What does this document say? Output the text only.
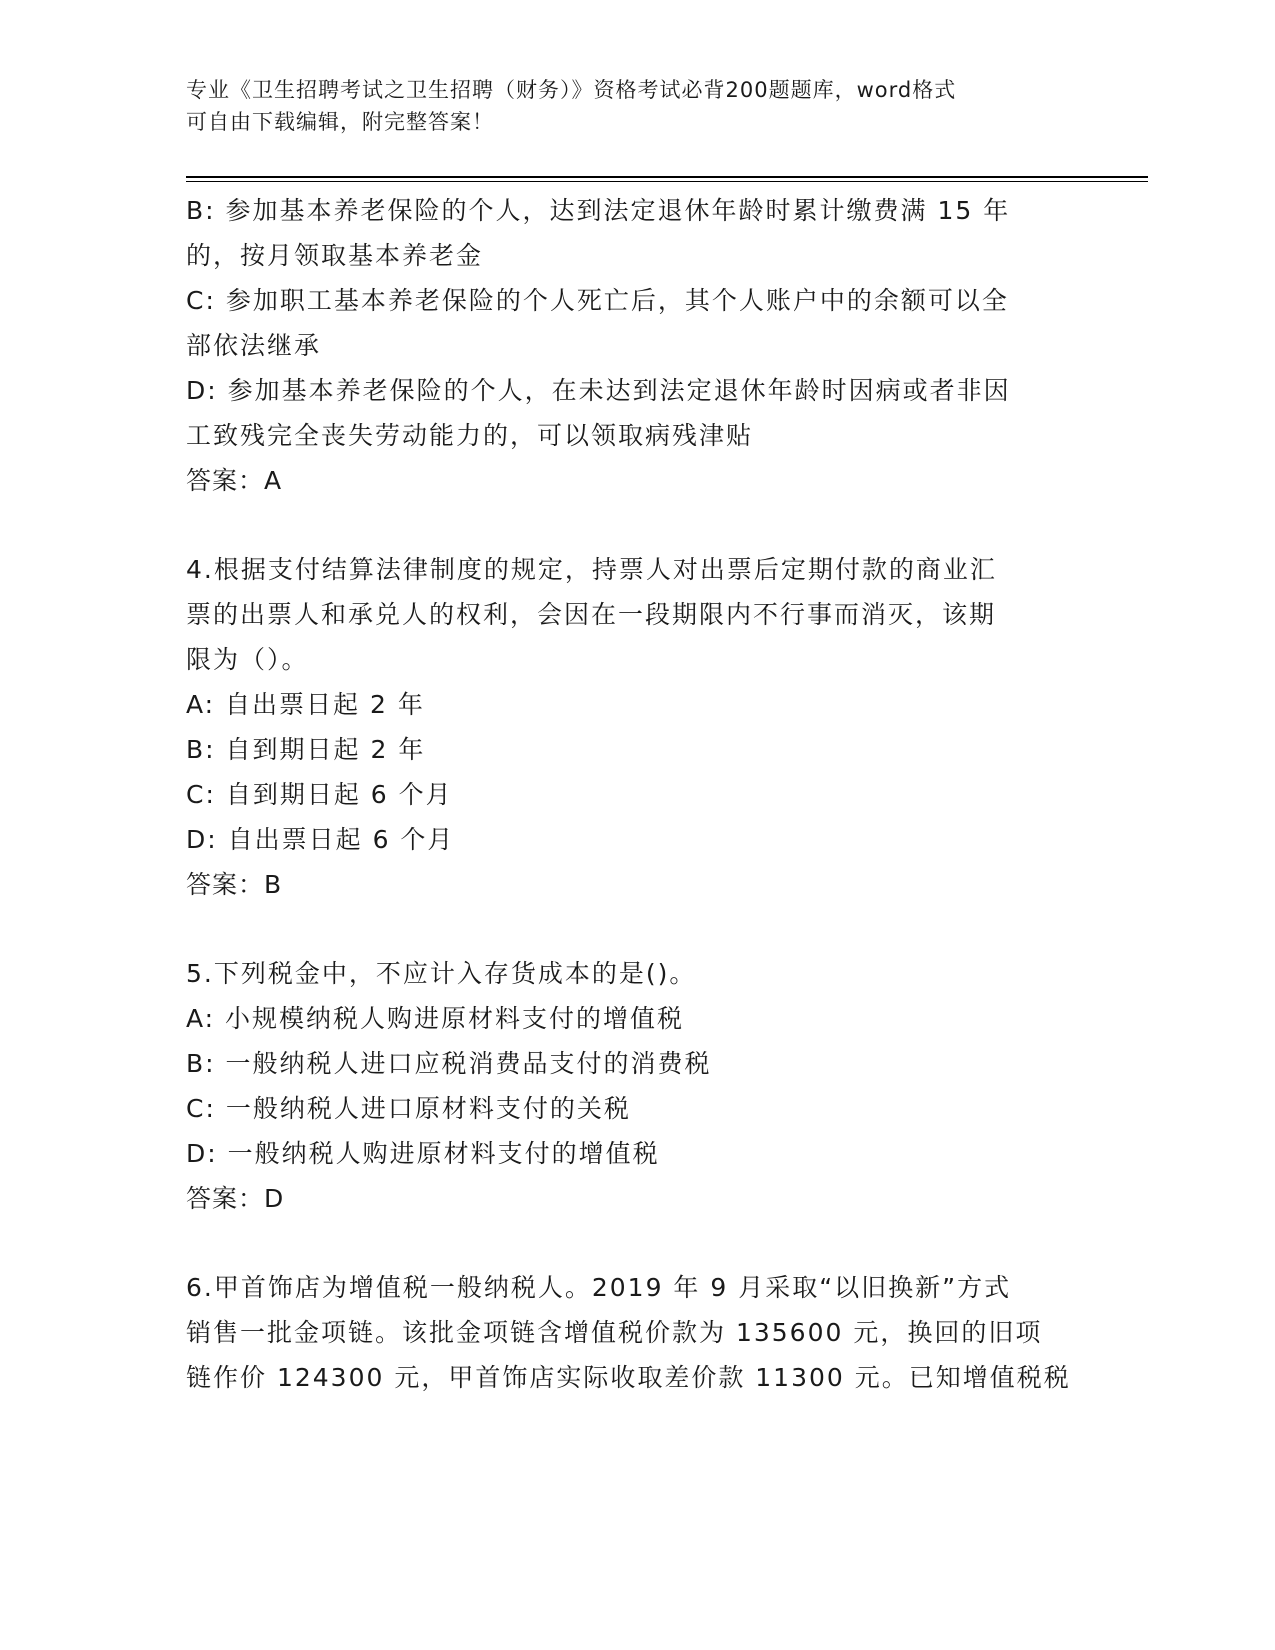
专业《卫生招聘考试之卫生招聘（财务）》资格考试必背200题题库，word格式
可自由下载编辑，附完整答案！
B: 参加基本养老保险的个人，达到法定退休年龄时累计缴费满 15 年
的，按月领取基本养老金
C: 参加职工基本养老保险的个人死亡后，其个人账户中的余额可以全
部依法继承
D: 参加基本养老保险的个人，在未达到法定退休年龄时因病或者非因
工致残完全丧失劳动能力的，可以领取病残津贴
答案：A
4.根据支付结算法律制度的规定，持票人对出票后定期付款的商业汇
票的出票人和承兑人的权利，会因在一段期限内不行事而消灭，该期
限为（）。
A: 自出票日起 2 年
B: 自到期日起 2 年
C: 自到期日起 6 个月
D: 自出票日起 6 个月
答案：B
5.下列税金中，不应计入存货成本的是()。
A: 小规模纳税人购进原材料支付的增值税
B: 一般纳税人进口应税消费品支付的消费税
C: 一般纳税人进口原材料支付的关税
D: 一般纳税人购进原材料支付的增值税
答案：D
6.甲首饰店为增值税一般纳税人。2019 年 9 月采取“以旧换新”方式
销售一批金项链。该批金项链含增值税价款为 135600 元，换回的旧项
链作价 124300 元，甲首饰店实际收取差价款 11300 元。已知增值税税
